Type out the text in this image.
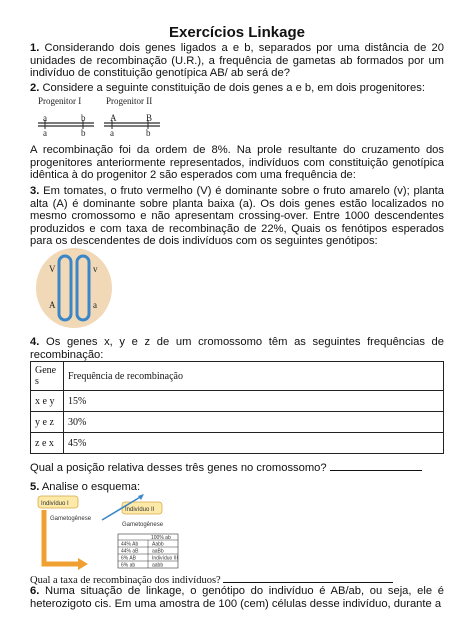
Exercícios Linkage
1. Considerando dois genes ligados a e b, separados por uma distância de 20 unidades de recombinação (U.R.), a frequência de gametas ab formados por um indivíduo de constituição genotípica AB/ ab será de?
2. Considere a seguinte constituição de dois genes a e b, em dois progenitores:
Progenitor I	Progenitor II
a	b
a	b
A	B
a	b
A recombinação foi da ordem de 8%. Na prole resultante do cruzamento dos progenitores anteriormente representados, indivíduos com constituição genotípica idêntica à do progenitor 2 são esperados com uma frequência de:
3. Em tomates, o fruto vermelho (V) é dominante sobre o fruto amarelo (v); planta alta (A) é dominante sobre planta baixa (a). Os dois genes estão localizados no mesmo cromossomo e não apresentam crossing-over. Entre 1000 descendentes produzidos e com taxa de recombinação de 22%, Quais os fenótipos esperados para os descendentes de dois indivíduos com os seguintes genótipos:
V	v
A	a
4. Os genes x, y e z de um cromossomo têm as seguintes frequências de recombinação:
Gene s	Frequência de recombinação
x e y	15%
y e z	30%
z e x	45%
Qual a posição relativa desses três genes no cromossomo?
5. Analise o esquema:
Indivíduo I
Indivíduo II
Gametogênese
Gametogênese
100% ab
44% Ab	Aabb
44% aB	aaBb
6% AB	Indivíduo III
6% ab	aabb
Qual a taxa de recombinação dos indivíduos?
6. Numa situação de linkage, o genótipo do indivíduo é AB/ab, ou seja, ele é heterozigoto cis. Em uma amostra de 100 (cem) células desse indivíduo, durante a
